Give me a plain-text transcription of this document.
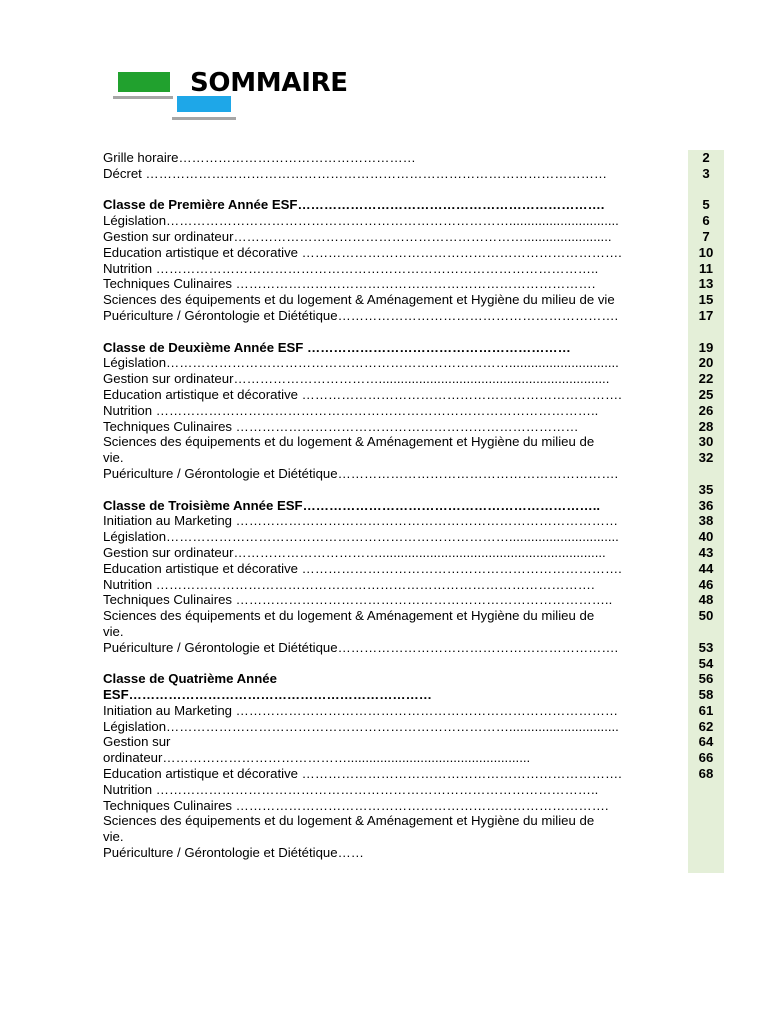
SOMMAIRE
Grille horaire………………………………………………
Décret ……………………………………………………………………………………………
Classe de Première Année ESF…………………………………………………………….
Législation……………………………………………………………………..............................
Gestion sur ordinateur…………………………………………………………........................
Education artistique et décorative ……………………………………………………………….
Nutrition ………………………………………………………………………………………..
Techniques Culinaires ……………………………………………………………………….
Sciences des équipements et du logement & Aménagement et Hygiène du milieu de vie
Puériculture / Gérontologie et Diététique……………………………………………………….
Classe de Deuxième Année ESF ……………………………………………………
Législation……………………………………………………………………..............................
Gestion sur ordinateur……………………………...............................................................
Education artistique et décorative ……………………………………………………………….
Nutrition ………………………………………………………………………………………..
Techniques Culinaires ……………………………………………………………………
Sciences des équipements et du logement & Aménagement et Hygiène du milieu de
vie.
Puériculture / Gérontologie et Diététique……………………………………………………….
Classe de Troisième Année ESF…………………………………………………………..
Initiation au Marketing ……………………………………………………………………………
Législation……………………………………………………………………..............................
Gestion sur ordinateur……………………………..............................................................
Education artistique et décorative ……………………………………………………………….
Nutrition ……………………………………………………………………………………….
Techniques Culinaires …………………………………………………………………………..
Sciences des équipements et du logement & Aménagement et Hygiène du milieu de
vie.
Puériculture / Gérontologie et Diététique……………………………………………………….
Classe de Quatrième Année
ESF……………………………………………………………
Initiation au Marketing ……………………………………………………………………………
Législation……………………………………………………………………..............................
Gestion sur
ordinateur……………………………………..................................................
Education artistique et décorative ……………………………………………………………….
Nutrition ………………………………………………………………………………………..
Techniques Culinaires ………………………………………………………………………….
Sciences des équipements et du logement & Aménagement et Hygiène du milieu de
vie.
Puériculture / Gérontologie et Diététique……
2
3
5
6
7
10
11
13
15
17
19
20
22
25
26
28
30
32
35
36
38
40
43
44
46
48
50
53
54
56
58
61
62
64
66
68
